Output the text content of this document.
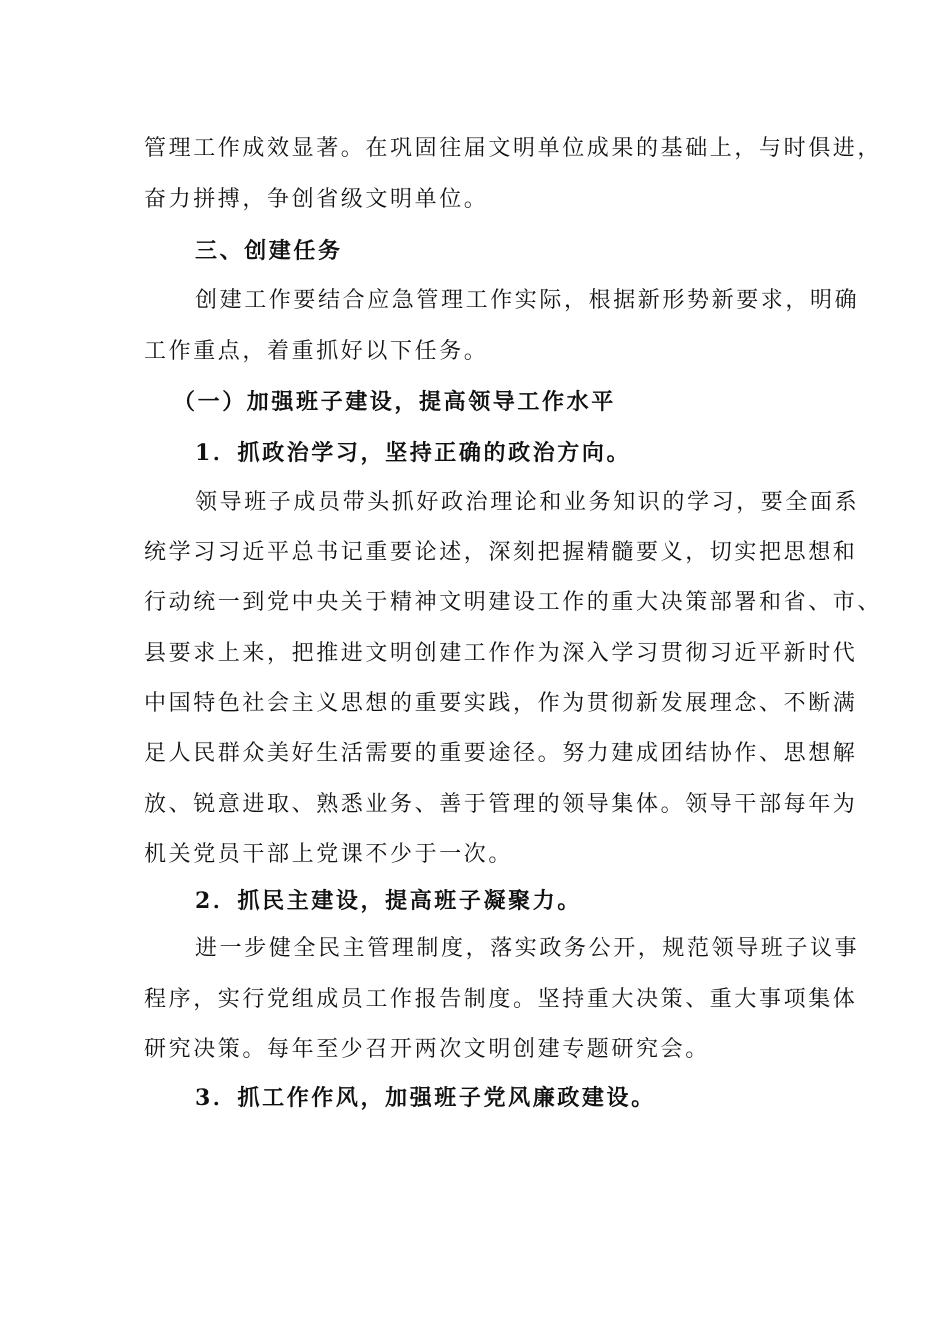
管理工作成效显著。在巩固往届文明单位成果的基础上，与时俱进，
奋力拼搏，争创省级文明单位。
三、创建任务
创建工作要结合应急管理工作实际，根据新形势新要求，明确
工作重点，着重抓好以下任务。
（一）加强班子建设，提高领导工作水平
1．抓政治学习，坚持正确的政治方向。
领导班子成员带头抓好政治理论和业务知识的学习，要全面系
统学习习近平总书记重要论述，深刻把握精髓要义，切实把思想和
行动统一到党中央关于精神文明建设工作的重大决策部署和省、市、
县要求上来，把推进文明创建工作作为深入学习贯彻习近平新时代
中国特色社会主义思想的重要实践，作为贯彻新发展理念、不断满
足人民群众美好生活需要的重要途径。努力建成团结协作、思想解
放、锐意进取、熟悉业务、善于管理的领导集体。领导干部每年为
机关党员干部上党课不少于一次。
2．抓民主建设，提高班子凝聚力。
进一步健全民主管理制度，落实政务公开，规范领导班子议事
程序，实行党组成员工作报告制度。坚持重大决策、重大事项集体
研究决策。每年至少召开两次文明创建专题研究会。
3．抓工作作风，加强班子党风廉政建设。
